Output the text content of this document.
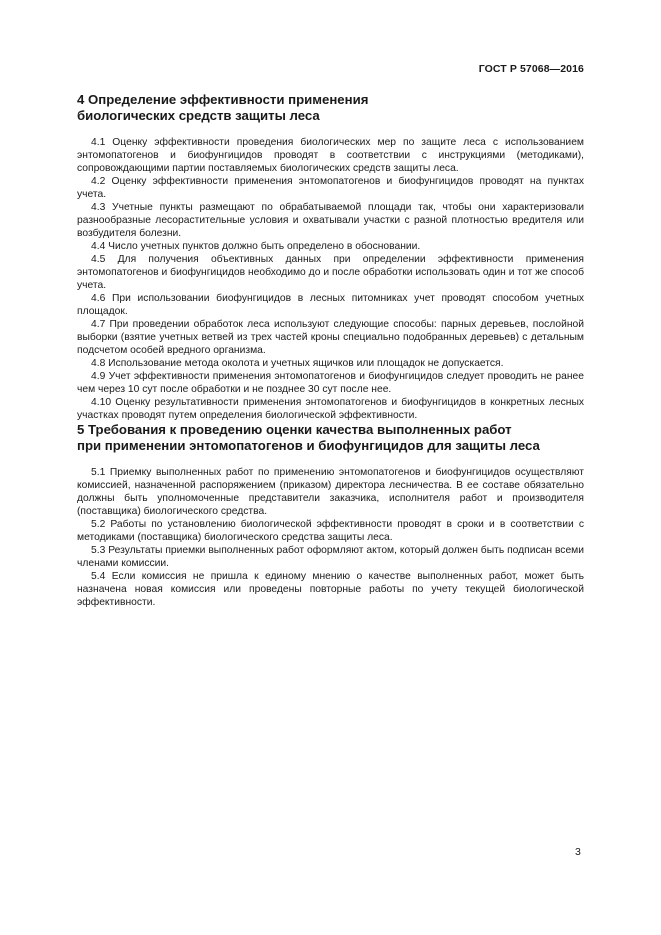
ГОСТ Р 57068—2016
4 Определение эффективности применения
биологических средств защиты леса

4.1 Оценку эффективности проведения биологических мер по защите леса с использованием энтомопатогенов и биофунгицидов проводят в соответствии с инструкциями (методиками), сопровождающими партии поставляемых биологических средств защиты леса.

4.2 Оценку эффективности применения энтомопатогенов и биофунгицидов проводят на пунктах учета.

4.3 Учетные пункты размещают по обрабатываемой площади так, чтобы они характеризовали разнообразные лесорастительные условия и охватывали участки с разной плотностью вредителя или возбудителя болезни.

4.4 Число учетных пунктов должно быть определено в обосновании.

4.5 Для получения объективных данных при определении эффективности применения энтомопатогенов и биофунгицидов необходимо до и после обработки использовать один и тот же способ учета.

4.6 При использовании биофунгицидов в лесных питомниках учет проводят способом учетных площадок.

4.7 При проведении обработок леса используют следующие способы: парных деревьев, послойной выборки (взятие учетных ветвей из трех частей кроны специально подобранных деревьев) с детальным подсчетом особей вредного организма.

4.8 Использование метода околота и учетных ящичков или площадок не допускается.

4.9 Учет эффективности применения энтомопатогенов и биофунгицидов следует проводить не ранее чем через 10 сут после обработки и не позднее 30 сут после нее.

4.10 Оценку результативности применения энтомопатогенов и биофунгицидов в конкретных лесных участках проводят путем определения биологической эффективности.

5 Требования к проведению оценки качества выполненных работ
при применении энтомопатогенов и биофунгицидов для защиты леса

5.1 Приемку выполненных работ по применению энтомопатогенов и биофунгицидов осуществляют комиссией, назначенной распоряжением (приказом) директора лесничества. В ее составе обязательно должны быть уполномоченные представители заказчика, исполнителя работ и производителя (поставщика) биологического средства.

5.2 Работы по установлению биологической эффективности проводят в сроки и в соответствии с методиками (поставщика) биологического средства защиты леса.

5.3 Результаты приемки выполненных работ оформляют актом, который должен быть подписан всеми членами комиссии.

5.4 Если комиссия не пришла к единому мнению о качестве выполненных работ, может быть назначена новая комиссия или проведены повторные работы по учету текущей биологической эффективности.

3
